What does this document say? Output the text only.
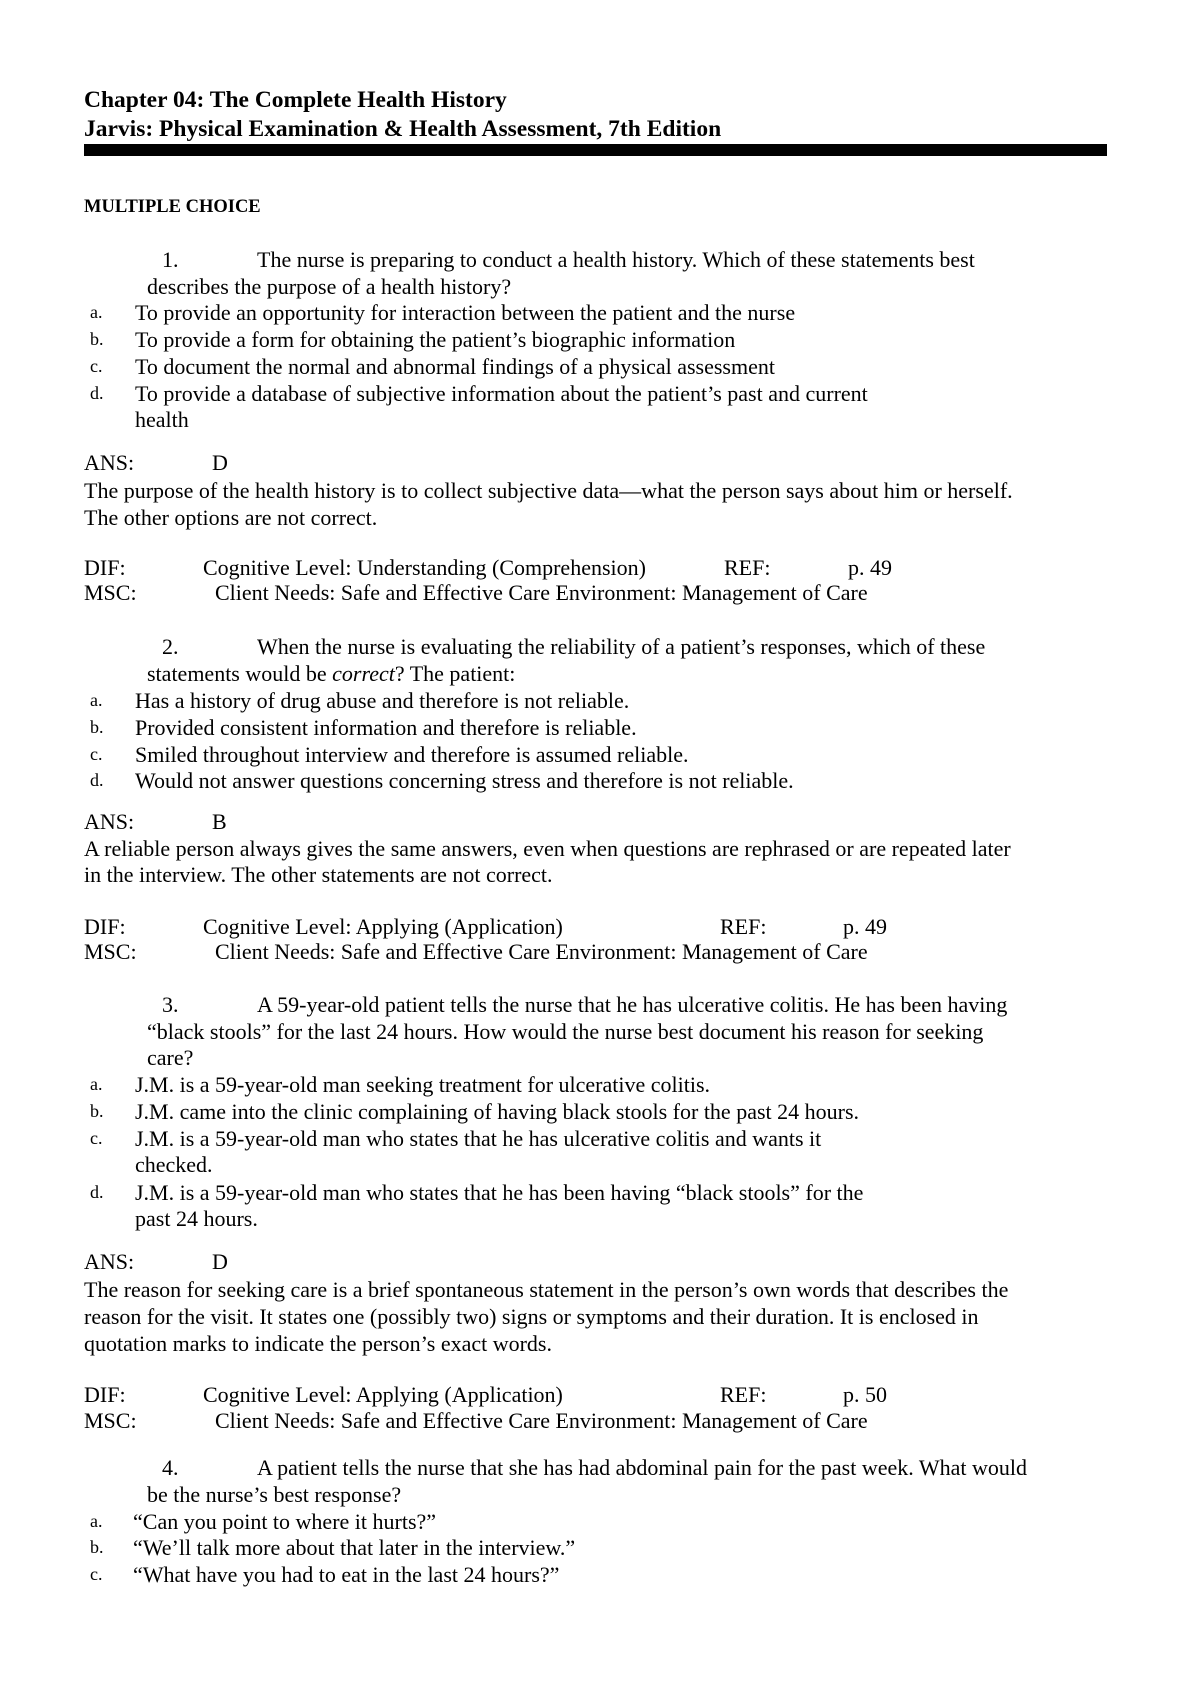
Chapter 04: The Complete Health History
Jarvis: Physical Examination & Health Assessment, 7th Edition
MULTIPLE CHOICE
1.	The nurse is preparing to conduct a health history. Which of these statements best
describes the purpose of a health history?
a. To provide an opportunity for interaction between the patient and the nurse
b. To provide a form for obtaining the patient’s biographic information
c. To document the normal and abnormal findings of a physical assessment
d. To provide a database of subjective information about the patient’s past and current
health
ANS:	D
The purpose of the health history is to collect subjective data—what the person says about him or herself.
The other options are not correct.
DIF:	Cognitive Level: Understanding (Comprehension)	REF:	p. 49
MSC:	Client Needs: Safe and Effective Care Environment: Management of Care
2.	When the nurse is evaluating the reliability of a patient’s responses, which of these
statements would be correct? The patient:
a. Has a history of drug abuse and therefore is not reliable.
b. Provided consistent information and therefore is reliable.
c. Smiled throughout interview and therefore is assumed reliable.
d. Would not answer questions concerning stress and therefore is not reliable.
ANS:	B
A reliable person always gives the same answers, even when questions are rephrased or are repeated later
in the interview. The other statements are not correct.
DIF:	Cognitive Level: Applying (Application)	REF:	p. 49
MSC:	Client Needs: Safe and Effective Care Environment: Management of Care
3.	A 59-year-old patient tells the nurse that he has ulcerative colitis. He has been having
“black stools” for the last 24 hours. How would the nurse best document his reason for seeking
care?
a. J.M. is a 59-year-old man seeking treatment for ulcerative colitis.
b. J.M. came into the clinic complaining of having black stools for the past 24 hours.
c. J.M. is a 59-year-old man who states that he has ulcerative colitis and wants it
checked.
d. J.M. is a 59-year-old man who states that he has been having “black stools” for the
past 24 hours.
ANS:	D
The reason for seeking care is a brief spontaneous statement in the person’s own words that describes the
reason for the visit. It states one (possibly two) signs or symptoms and their duration. It is enclosed in
quotation marks to indicate the person’s exact words.
DIF:	Cognitive Level: Applying (Application)	REF:	p. 50
MSC:	Client Needs: Safe and Effective Care Environment: Management of Care
4.	A patient tells the nurse that she has had abdominal pain for the past week. What would
be the nurse’s best response?
a. “Can you point to where it hurts?”
b. “We’ll talk more about that later in the interview.”
c. “What have you had to eat in the last 24 hours?”
